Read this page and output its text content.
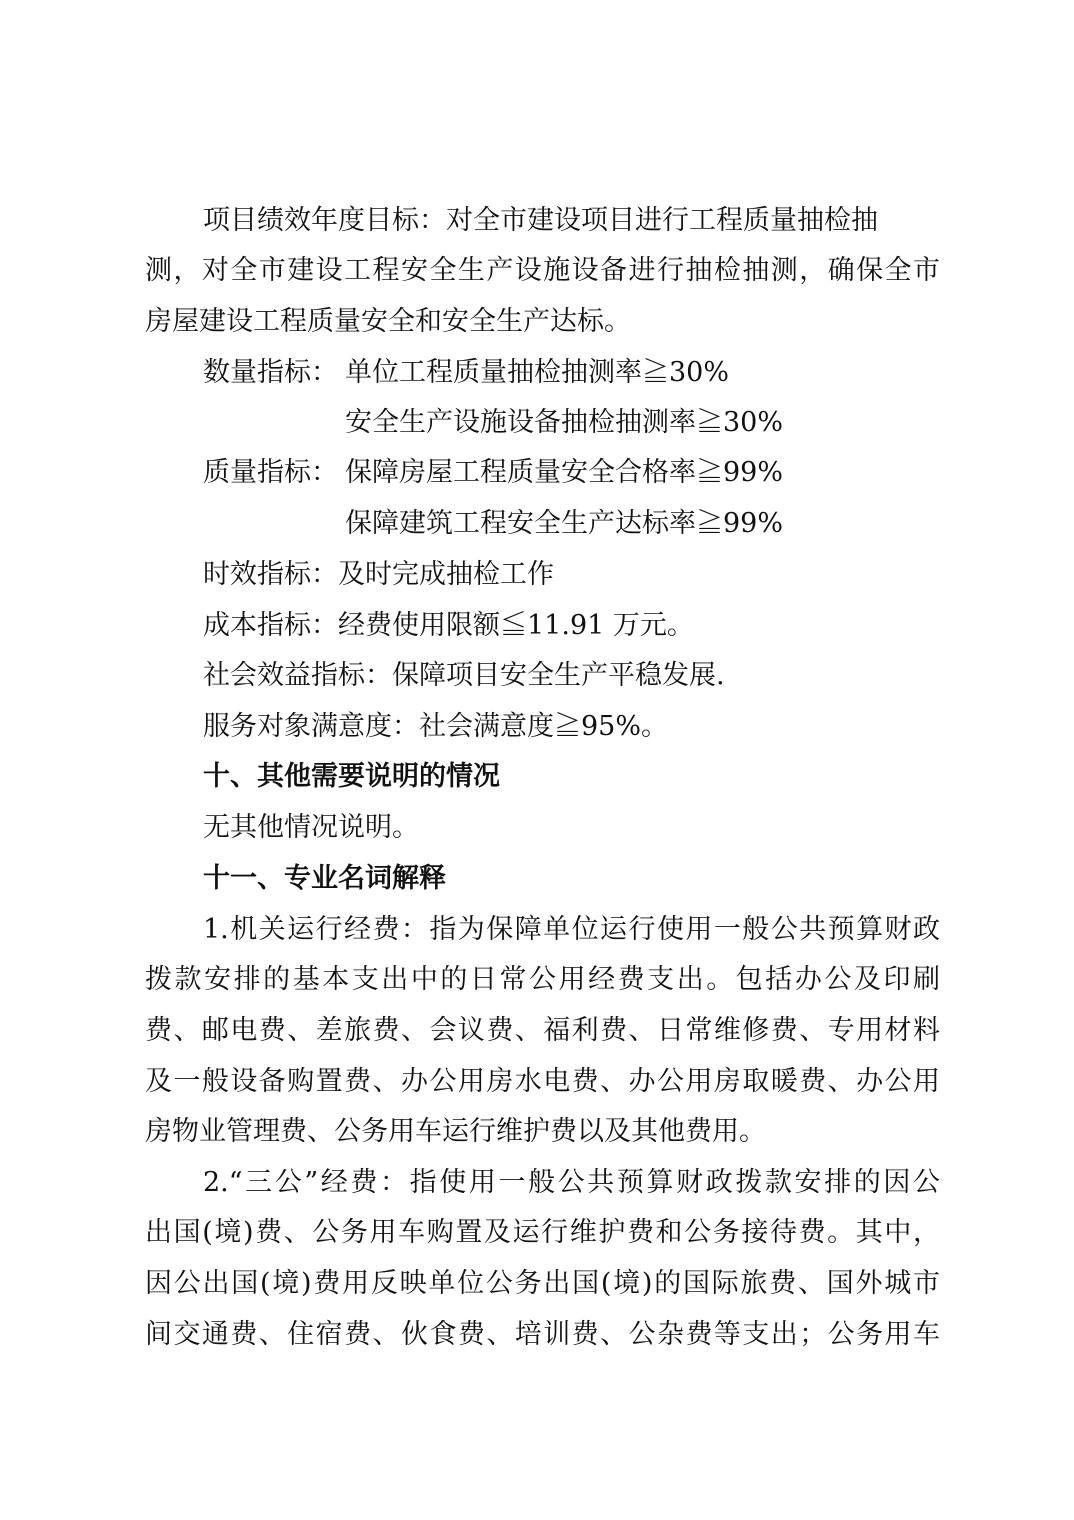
项目绩效年度目标：对全市建设项目进行工程质量抽检抽
测，对全市建设工程安全生产设施设备进行抽检抽测，确保全市
房屋建设工程质量安全和安全生产达标。
数量指标： 单位工程质量抽检抽测率≧30%
安全生产设施设备抽检抽测率≧30%
质量指标： 保障房屋工程质量安全合格率≧99%
保障建筑工程安全生产达标率≧99%
时效指标：及时完成抽检工作
成本指标：经费使用限额≦11.91 万元。
社会效益指标：保障项目安全生产平稳发展.
服务对象满意度：社会满意度≧95%。
十、其他需要说明的情况
无其他情况说明。
十一、专业名词解释
1.机关运行经费：指为保障单位运行使用一般公共预算财政
拨款安排的基本支出中的日常公用经费支出。包括办公及印刷
费、邮电费、差旅费、会议费、福利费、日常维修费、专用材料
及一般设备购置费、办公用房水电费、办公用房取暖费、办公用
房物业管理费、公务用车运行维护费以及其他费用。
2.“三公”经费：指使用一般公共预算财政拨款安排的因公
出国(境)费、公务用车购置及运行维护费和公务接待费。其中，
因公出国(境)费用反映单位公务出国(境)的国际旅费、国外城市
间交通费、住宿费、伙食费、培训费、公杂费等支出；公务用车
